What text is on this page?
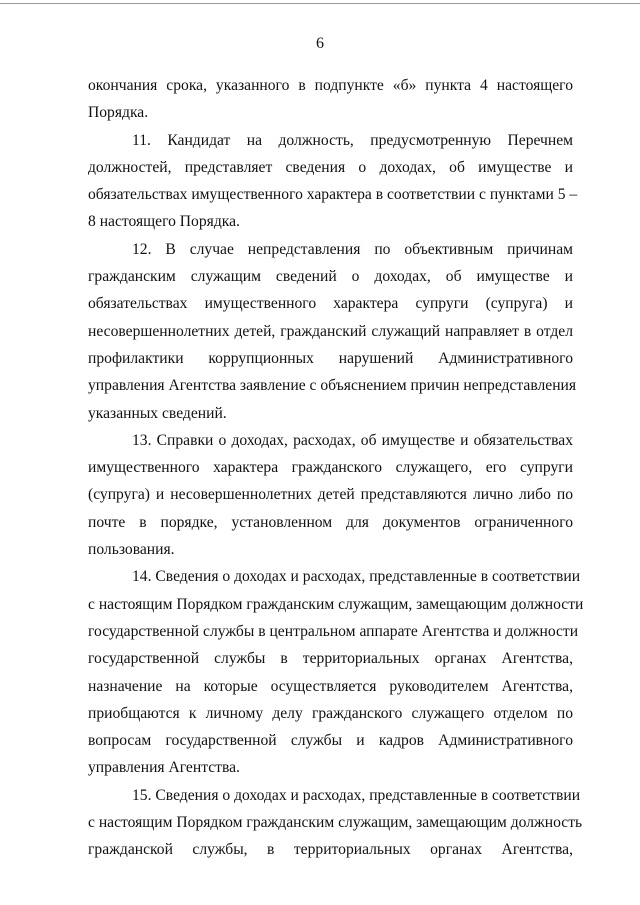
6
окончания срока, указанного в подпункте «б» пункта 4 настоящего
Порядка.
11. Кандидат на должность, предусмотренную Перечнем
должностей, представляет сведения о доходах, об имуществе и
обязательствах имущественного характера в соответствии с пунктами 5 –
8 настоящего Порядка.
12. В случае непредставления по объективным причинам
гражданским служащим сведений о доходах, об имуществе и
обязательствах имущественного характера супруги (супруга) и
несовершеннолетних детей, гражданский служащий направляет в отдел
профилактики коррупционных нарушений Административного
управления Агентства заявление с объяснением причин непредставления
указанных сведений.
13. Справки о доходах, расходах, об имуществе и обязательствах
имущественного характера гражданского служащего, его супруги
(супруга) и несовершеннолетних детей представляются лично либо по
почте в порядке, установленном для документов ограниченного
пользования.
14. Сведения о доходах и расходах, представленные в соответствии
с настоящим Порядком гражданским служащим, замещающим должности
государственной службы в центральном аппарате Агентства и должности
государственной службы в территориальных органах Агентства,
назначение на которые осуществляется руководителем Агентства,
приобщаются к личному делу гражданского служащего отделом по
вопросам государственной службы и кадров Административного
управления Агентства.
15. Сведения о доходах и расходах, представленные в соответствии
с настоящим Порядком гражданским служащим, замещающим должность
гражданской службы, в территориальных органах Агентства,
